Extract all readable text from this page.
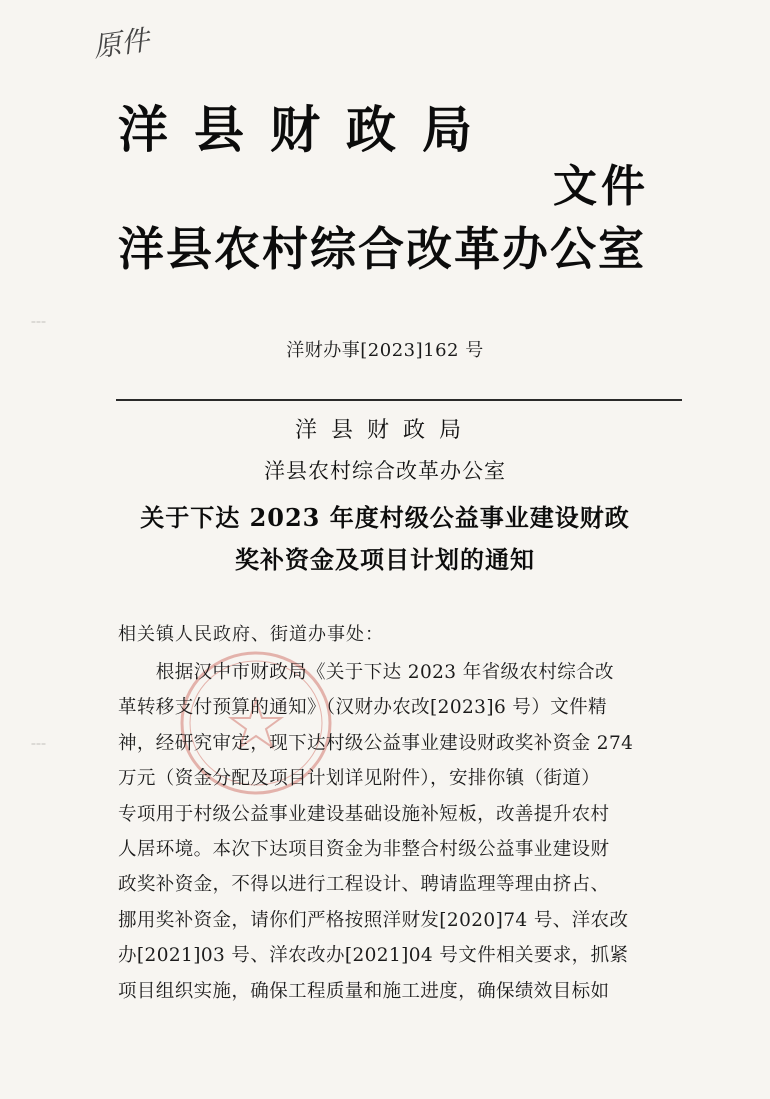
原件
洋县财政局
文件
洋县农村综合改革办公室
洋财办事[2023]162 号
洋县财政局
洋县农村综合改革办公室
关于下达 2023 年度村级公益事业建设财政
奖补资金及项目计划的通知
相关镇人民政府、街道办事处：
　　根据汉中市财政局《关于下达 2023 年省级农村综合改
革转移支付预算的通知》（汉财办农改[2023]6 号）文件精
神，经研究审定，现下达村级公益事业建设财政奖补资金 274
万元（资金分配及项目计划详见附件），安排你镇（街道）
专项用于村级公益事业建设基础设施补短板，改善提升农村
人居环境。本次下达项目资金为非整合村级公益事业建设财
政奖补资金，不得以进行工程设计、聘请监理等理由挤占、
挪用奖补资金，请你们严格按照洋财发[2020]74 号、洋农改
办[2021]03 号、洋农改办[2021]04 号文件相关要求，抓紧
项目组织实施，确保工程质量和施工进度，确保绩效目标如
┆
┆
